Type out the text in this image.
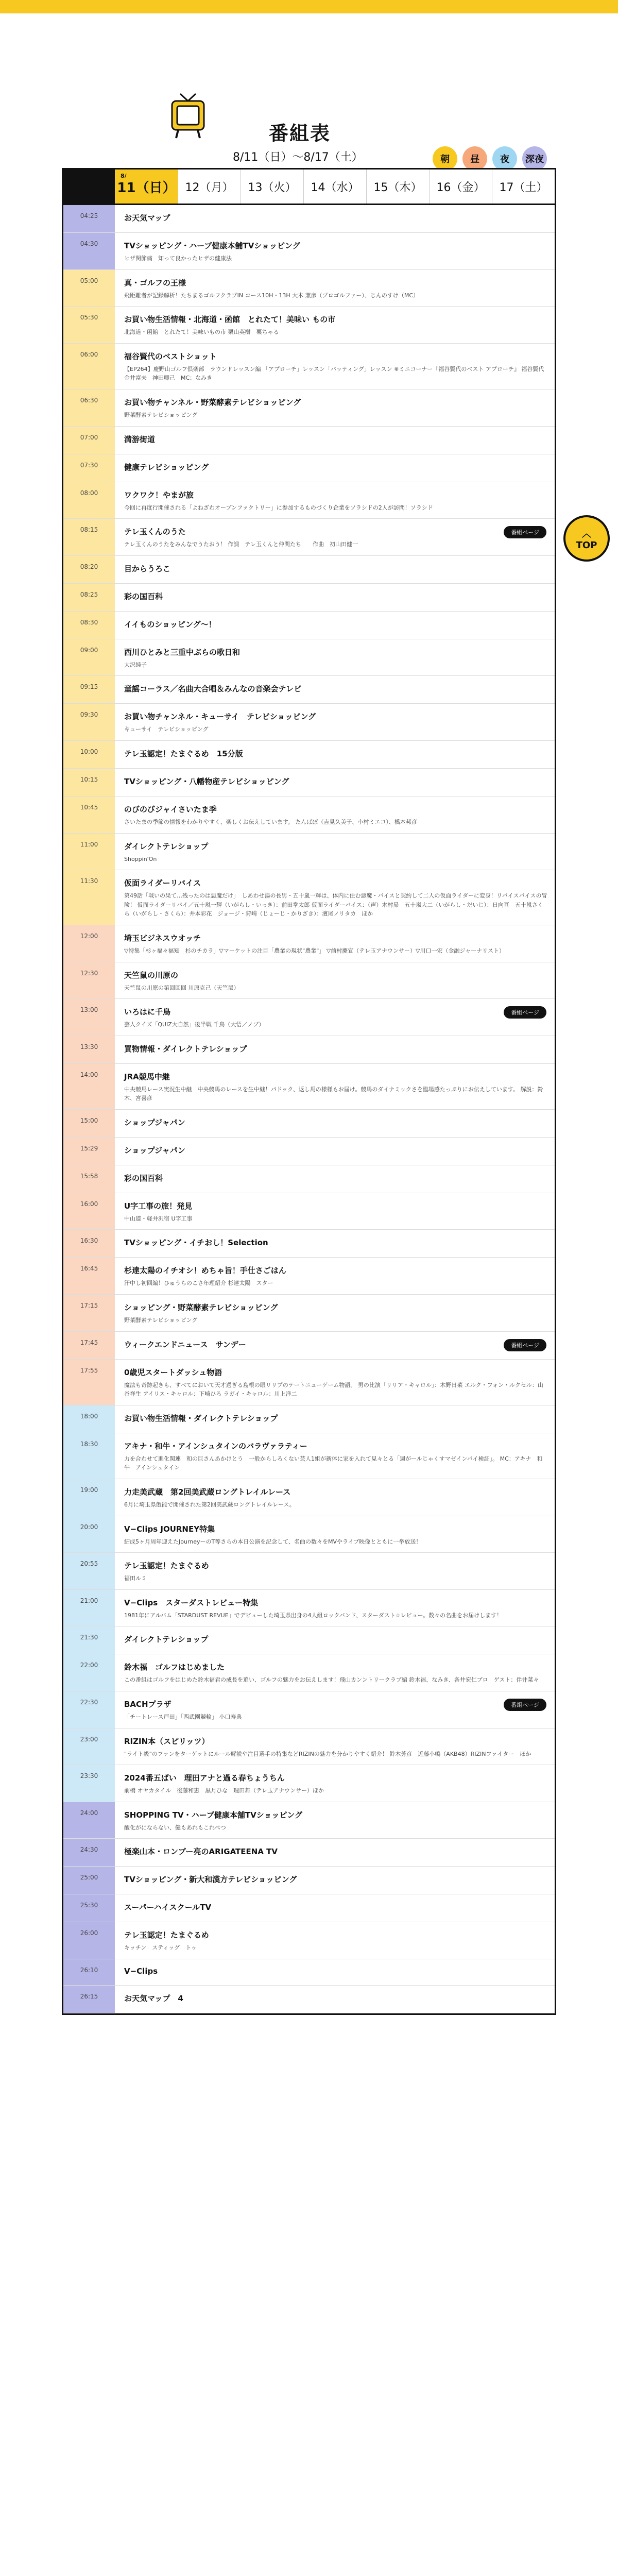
番組表
8/11（日）〜8/17（土）	朝	昼	夜	深夜
8/
11（日） 12（月） 13（火） 14（水） 15（木） 16（金） 17（土）
04:25	お天気マップ
04:30	TVショッピング・ハーブ健康本舗TVショッピング
ヒザ関節痛　知って良かったヒザの健康法
05:00	真・ゴルフの王様
飛距離者が記録解析！たちまるゴルフクラブIN コース10H・13H 大木 兼彦（プロゴルファー）、じんのすけ（MC）
05:30	お買い物生活情報・北海道・函館　とれたて！美味い もの市
北海道・函館　とれたて！美味いもの市 栗山英樹　栗ちゃる
06:00	福谷賢代のベストショット
【EP264】慶野山ゴルフ倶楽部　ラウンドレッスン編 「アプローチ」レッスン「バッティング」レッスン ※ミニコーナー『福谷賢代のベスト アプローチ』 福谷賢代　金井富夫　神田卿己　MC：なみき
06:30	お買い物チャンネル・野菜酵素テレビショッピング
野菜酵素テレビショッピング
07:00	満游街道
07:30	健康テレビショッピング
08:00	ワクワク！やまが旅
今回に再度行開催される「よねざわオープンファクトリー」に参加するものづくり企業をソラシドの2人が訪問！ソラシド
08:15	テレ玉くんのうた
テレ玉くんのうたをみんなでうたおう！ 作詞　テレ玉くんと仲間たち　　作曲　初山田健一
番組ページ
08:20	目からうろこ
08:25	彩の国百科
08:30	イイものショッピング〜！
09:00	西川ひとみと三重中ぶらの歌日和
大沢純子
09:15	童謡コーラス／名曲大合唱＆みんなの音楽会テレビ
09:30	お買い物チャンネル・キューサイ　テレビショッピング
キューサイ　テレビショッピング
10:00	テレ玉認定！たまぐるめ　15分版
10:15	TVショッピング・八幡物産テレビショッピング
10:45	のびのびジャイさいたま季
さいたまの季節の情報をわかりやすく、楽しくお伝えしています。 たんばぽ（吉見久美子、小村ミエコ）、橋本邦彦
11:00	ダイレクトテレショップ
Shoppin'On
11:30	仮面ライダーリバイス
第49話「戦いの果て…残ったのは悪魔だけ」　しあわせ湯の長男・五十嵐一輝は、体内に住む悪魔・バイスと契約して二人の仮面ライダーに変身！リバイスバイスの冒険！ 仮面ライダーリバイ／五十嵐一輝（いがらし・いっき）：前田拳太郎 仮面ライダーバイス：（声）木村昴　五十嵐大二（いがらし・だいじ）：日向亘　五十嵐さくら（いがらし・さくら）：井本彩花　ジョージ・狩崎（じょーじ・かりざき）：濱尾ノリタカ　ほか
12:00	埼玉ビジネスウオッチ
▽特集「杉ヶ福々福知　杉のチカラ」▽マーケットの注目「農業の現状"農業"」 ▽前村慶宣（テレ玉アナウンサー）▽川口一宏（金融ジャーナリスト）
12:30	天竺鼠の川原の
天竺鼠の川原の第回回回 川原克己（天竺鼠）
13:00	いろはに千鳥
芸人クイズ「QUIZ大自然」後半戦 千鳥（大悟／ノブ）
番組ページ
13:30	買物情報・ダイレクトテレショップ
14:00	JRA競馬中継
中央競馬レース実況生中継　中央競馬のレースを生中継！パドック、返し馬の様様もお届け。競馬のダイナミックさを臨場感たっぷりにお伝えしています。 解説：鈴木、宮喜彦
15:00	ショップジャパン
15:29	ショップジャパン
15:58	彩の国百科
16:00	U字工事の旅！発見
中山道・軽井沢宿 U字工事
16:30	TVショッピング・イチおし！Selection
16:45	杉達太陽のイチオシ！めちゃ旨！手仕さごはん
汗中し初回編！ひゅうらのこさ年理紹介 杉達太陽　スター
17:15	ショッピング・野菜酵素テレビショッピング
野菜酵素テレビショッピング
17:45	ウィークエンドニュース　サンデー	番組ページ
17:55	0歳児スタートダッシュ物語
魔法も奇跡起きも、すべてにおいて天才過ぎる島根の眼リリプのテートニューゲーム物語。 男の比演「リリア・キャロル」：木野日菜 エルク・フォン・ルクセル：山谷祥生 アイリス・キャロル：下崎ひろ ラガイ・キャロル：川上洋二
18:00	お買い物生活情報・ダイレクトテレショップ
18:30	アキナ・和牛・アインシュタインのバラヴァラティー
力を合わせて進化関連　和の巨さんあかけとう　一般からしろくない芸人1組が新体に家を入れて見々とる「週がールじゃくすマゼインバイ検証」。 MC：アキナ　和牛　アインシュタイン
19:00	力走美武蔵　第2回美武蔵ロングトレイルレース
6月に埼玉県飯能で開催された第2回美武蔵ロングトレイルレース。
20:00	V−Clips JOURNEY特集
結成5ヶ月周年迎えたJourneyーのT等さらの本日公演を記念して、名曲の数々をMVやライブ映像とともに一挙放送！
20:55	テレ玉認定！たまぐるめ
福田ルミ
21:00	V−Clips　スターダストレビュー特集
1981年にアルバム「STARDUST REVUE」でデビューした埼玉県出身の4人組ロックバンド、スターダスト☆レビュー。数々の名曲をお届けします！
21:30	ダイレクトテレショップ
22:00	鈴木福　ゴルフはじめました
この番組はゴルフをはじめた鈴木福君の成長を追い、ゴルフの魅力をお伝えします！飛山カンントリークラブ編 鈴木福、なみき、各井宏仁プロ　ゲスト：伴井菜々
22:30	BACHプラザ
「チートレース戸田」「西武園競輪」 小口寿典
番組ページ
23:00	RIZIN本（スピリッツ）
"ライト級"のファンをターゲットにルール解説や注目選手の特集などRIZINの魅力を分かりやすく紹介！ 鈴木芳彦　近藤小嶋（AKB48）RIZINファイター　ほか
23:30	2024番五ばい　理田アナと過る春ちょうちん
前橋 オヤカタイル　後藤和恵　黒月ひな　理田舞（テレ玉アナウンサー）ほか
24:00	SHOPPING TV・ハーブ健康本舗TVショッピング
酸化がにならない、健もあれもこれべつ
24:30	極楽山本・ロンブー亮のARIGATEENA TV
25:00	TVショッピング・新大和漢方テレビショッピング
25:30	スーパーハイスクールTV
26:00	テレ玉認定！たまぐるめ
キッチン　スティッグ　トゥ
26:10	V−Clips
26:15	お天気マップ　4
︿
TOP
